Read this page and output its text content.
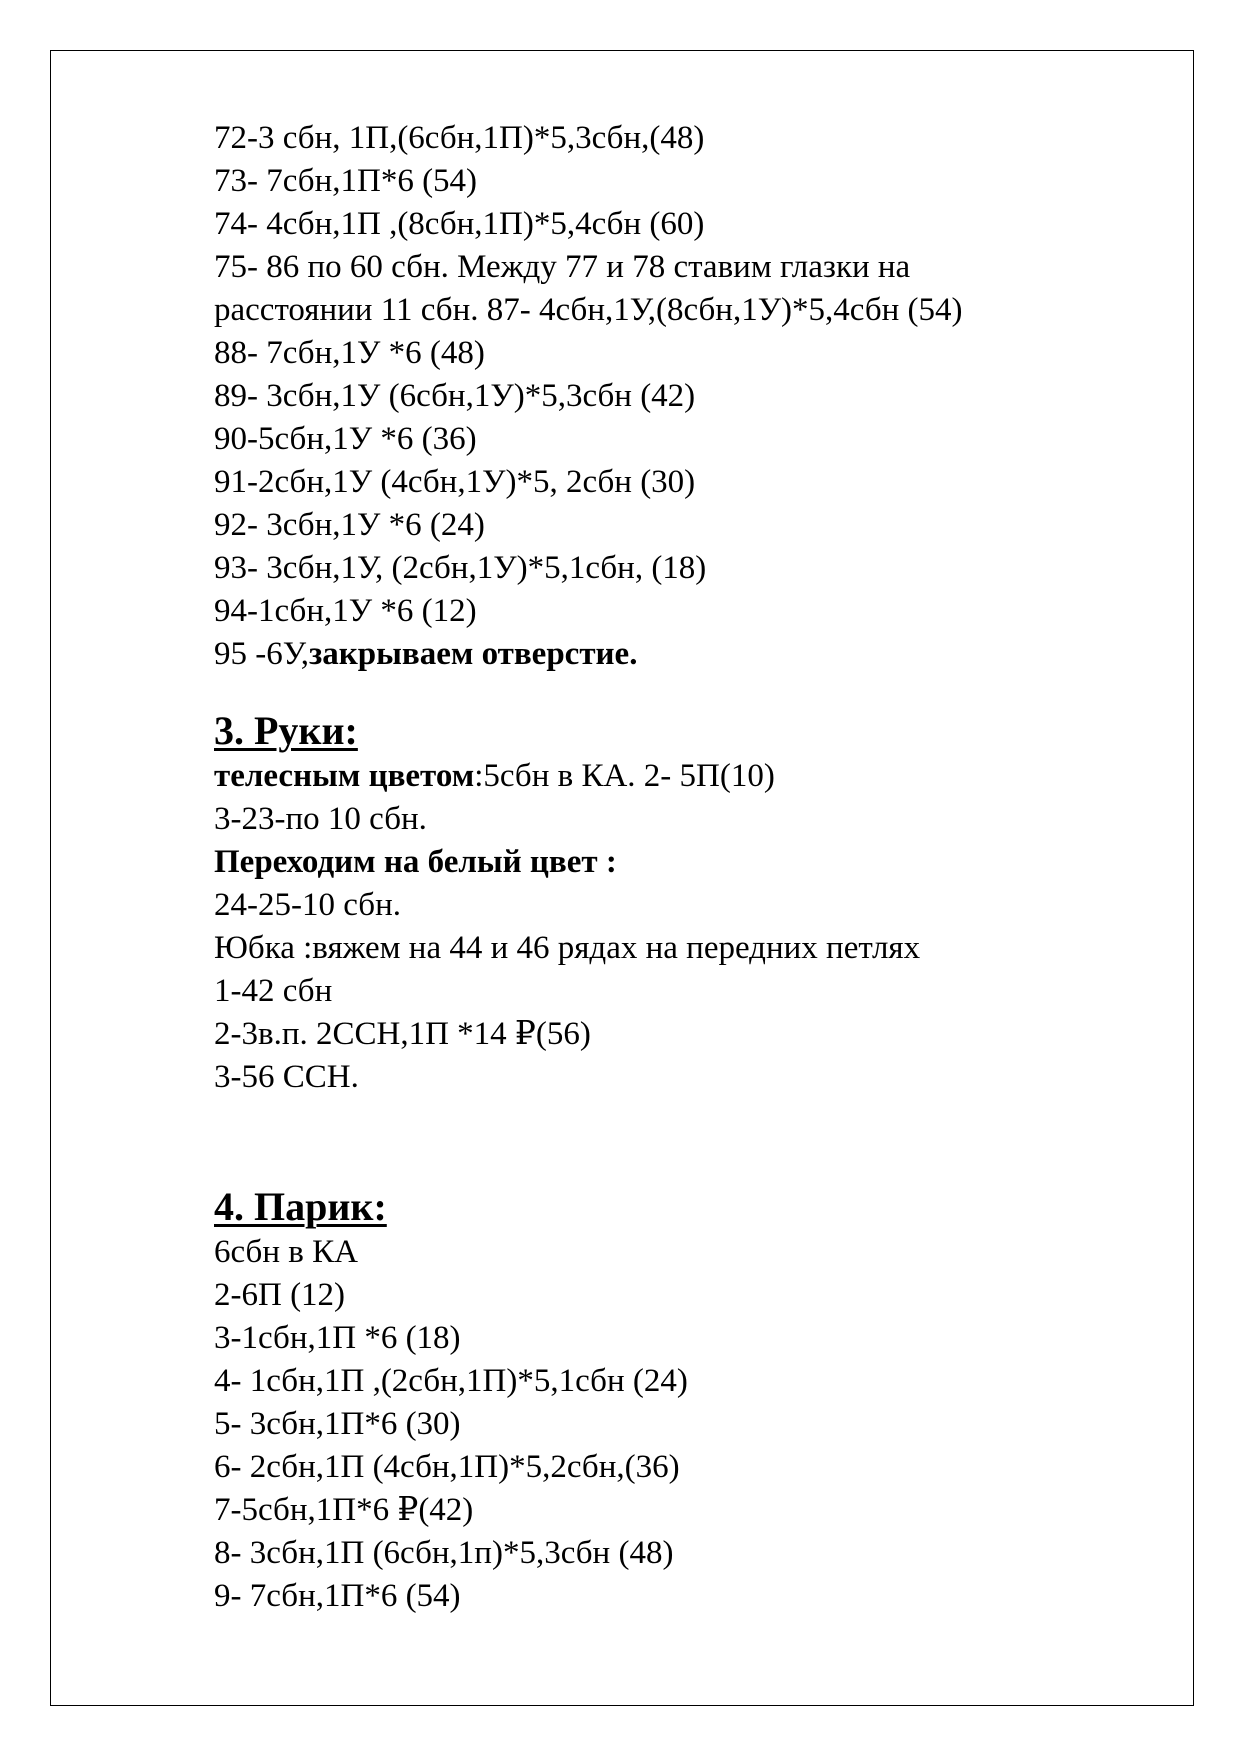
72-3 сбн, 1П,(6сбн,1П)*5,3сбн,(48)
73- 7сбн,1П*6 (54)
74- 4сбн,1П ,(8сбн,1П)*5,4сбн (60)
75- 86 по 60 сбн. Между 77 и 78 ставим глазки на
расстоянии 11 сбн. 87- 4сбн,1У,(8сбн,1У)*5,4сбн (54)
88- 7сбн,1У *6 (48)
89- 3сбн,1У (6сбн,1У)*5,3сбн (42)
90-5сбн,1У *6 (36)
91-2сбн,1У (4сбн,1У)*5, 2сбн (30)
92- 3сбн,1У *6 (24)
93- 3сбн,1У, (2сбн,1У)*5,1сбн, (18)
94-1сбн,1У *6 (12)
95 -6У,закрываем отверстие.
3. Руки:
телесным цветом:5сбн в КА. 2- 5П(10)
3-23-по 10 сбн.
Переходим на белый цвет :
24-25-10 сбн.
Юбка :вяжем на 44 и 46 рядах на передних петлях
1-42 сбн
2-3в.п. 2ССН,1П *14 ₽(56)
3-56 ССН.
4. Парик:
6сбн в КА
2-6П (12)
3-1сбн,1П *6 (18)
4- 1сбн,1П ,(2сбн,1П)*5,1сбн (24)
5- 3сбн,1П*6 (30)
6- 2сбн,1П (4сбн,1П)*5,2сбн,(36)
7-5сбн,1П*6 ₽(42)
8- 3сбн,1П (6сбн,1п)*5,3сбн (48)
9- 7сбн,1П*6 (54)
